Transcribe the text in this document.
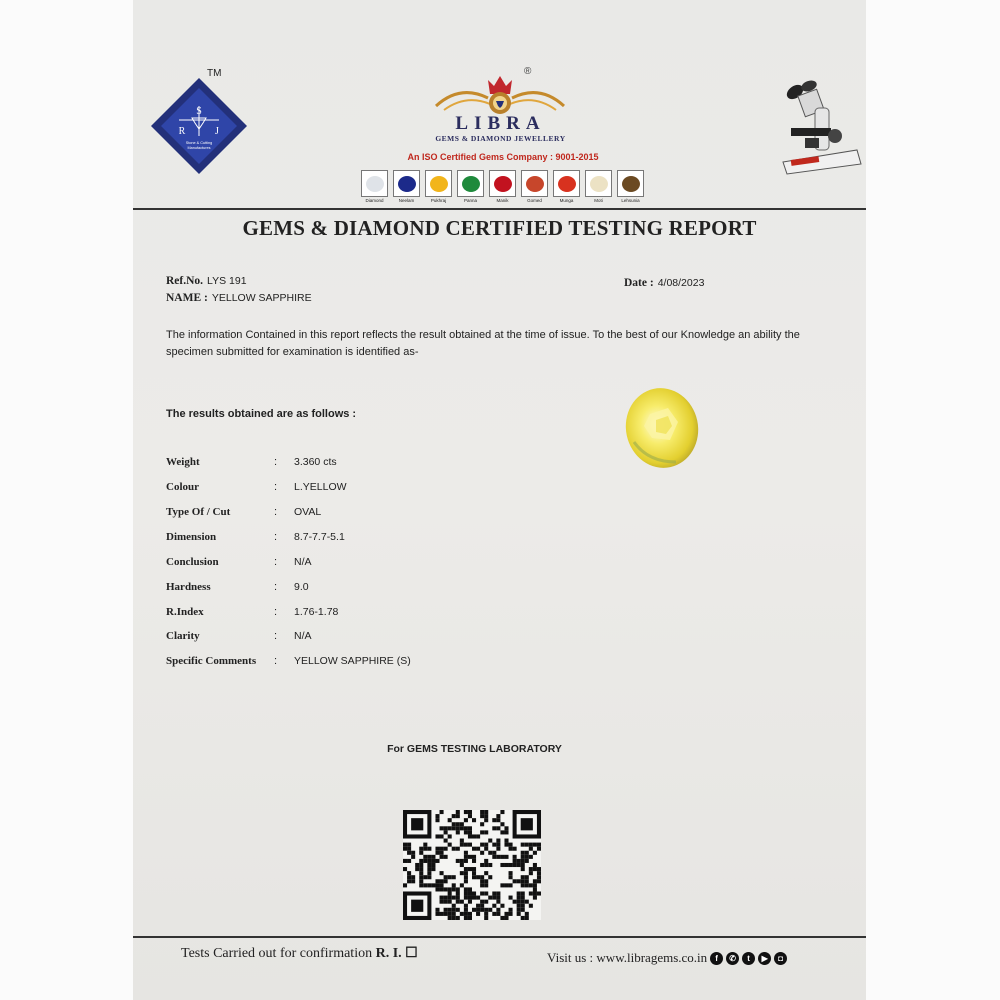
S
R	J
Stone & Cutting
Manufactures
TM	®
LIBRA
GEMS & DIAMOND JEWELLERY
An ISO Certified Gems Company : 9001-2015
Diamond	Neelam	Pukhraj	Panna	Manik	Gomed	Munga	Moti	Lehsunia
GEMS & DIAMOND CERTIFIED TESTING REPORT
Ref.No. LYS 191
NAME : YELLOW SAPPHIRE
Date : 4/08/2023
The information Contained in this report reflects the result obtained at the time of issue. To the best of our Knowledge an ability the specimen submitted for examination is identified as-
The results obtained are as follows :
Weight	:	3.360 cts
Colour	:	L.YELLOW
Type Of / Cut	:	OVAL
Dimension	:	8.7-7.7-5.1
Conclusion	:	N/A
Hardness	:	9.0
R.Index	:	1.76-1.78
Clarity	:	N/A
Specific Comments	:	YELLOW SAPPHIRE (S)
For GEMS TESTING LABORATORY
Tests Carried out for confirmation R. I. ☐	Visit us : www.libragems.co.in	f	✆	t	▶	◘
